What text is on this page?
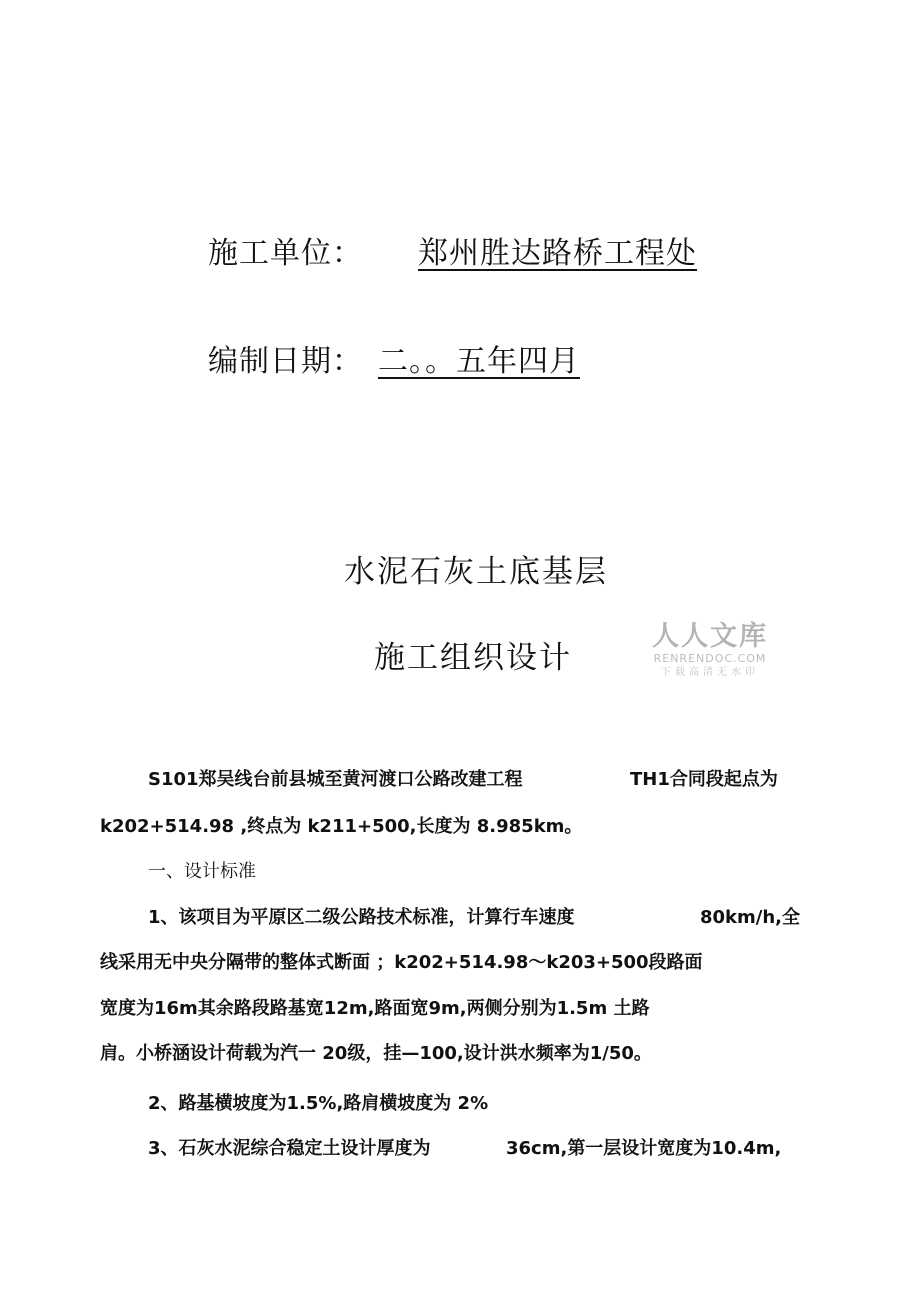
施工单位： 郑州胜达路桥工程处
编制日期： 二。。五年四月
水泥石灰土底基层
施工组织设计
人人文库
RENRENDOC.COM
下载高清无水印
S101郑吴线台前县城至黄河渡口公路改建工程	TH1合同段起点为
k202+514.98 ,终点为 k211+500,长度为 8.985km。
一、设计标准
1、该项目为平原区二级公路技术标准，计算行车速度	80km/h,全
线采用无中央分隔带的整体式断面 ；k202+514.98～k203+500段路面
宽度为16m其余路段路基宽12m,路面宽9m,两侧分别为1.5m 土路
肩。小桥涵设计荷载为汽一 20级，挂—100,设计洪水频率为1/50。
2、路基横坡度为1.5%,路肩横坡度为 2%
3、石灰水泥综合稳定土设计厚度为	36cm,第一层设计宽度为10.4m,
